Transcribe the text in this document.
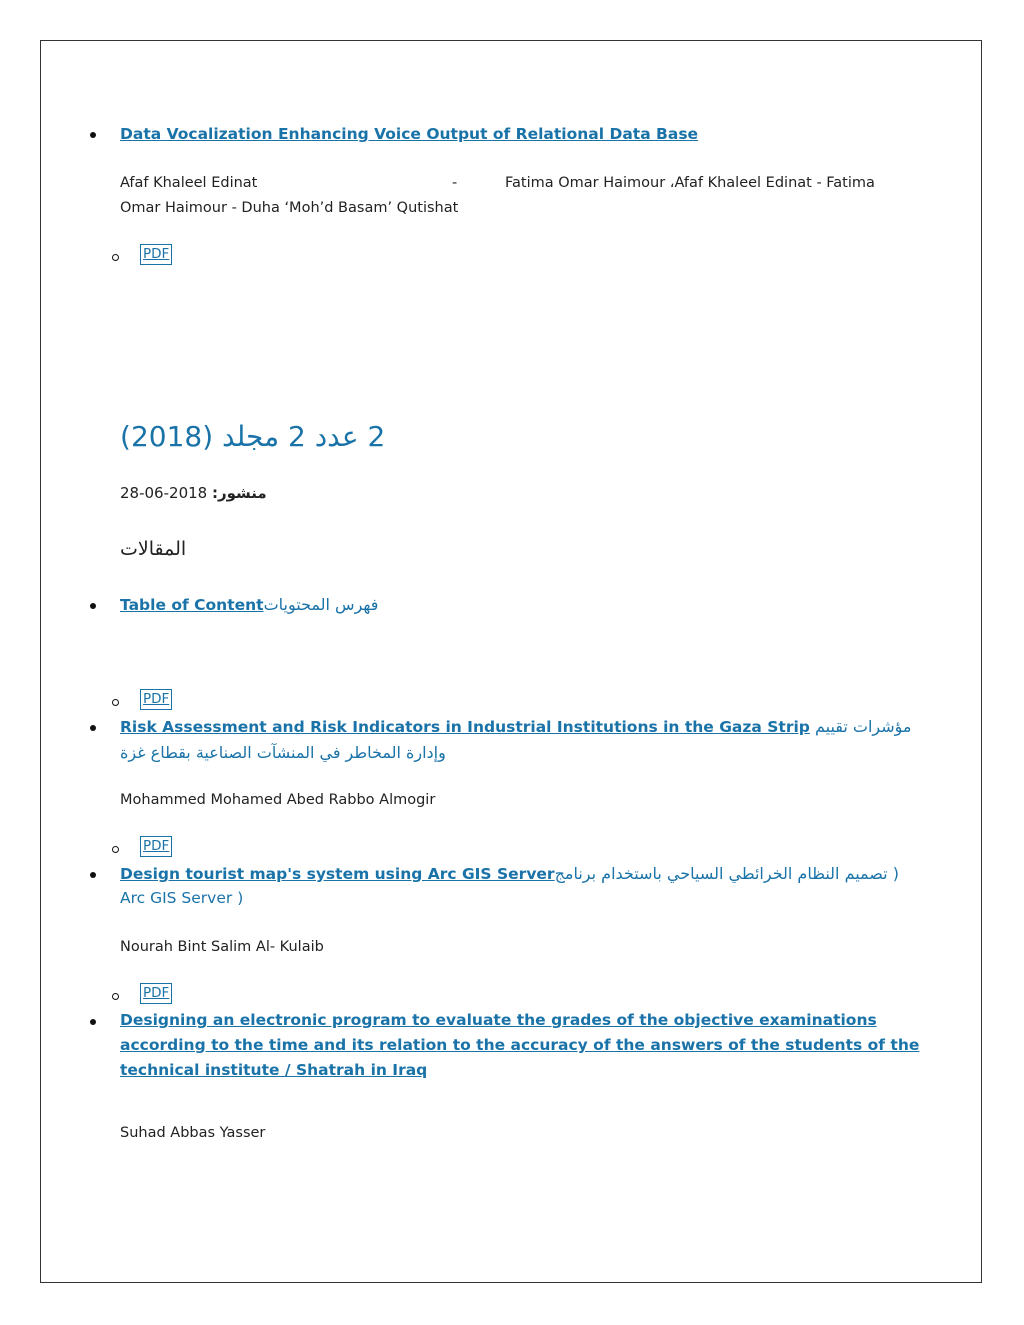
Data Vocalization Enhancing Voice Output of Relational Data Base
Afaf Khaleel Edinat	-	Fatima Omar Haimour ،Afaf Khaleel Edinat - Fatima
Omar Haimour - Duha ‘Moh’d Basam’ Qutishat
PDF
2 عدد 2 مجلد (2018)
منشور: 2018-06-28
المقالات
Table of Contentفهرس المحتويات
PDF
Risk Assessment and Risk Indicators in Industrial Institutions in the Gaza Strip مؤشرات تقييم
وإدارة المخاطر في المنشآت الصناعية بقطاع غزة
Mohammed Mohamed Abed Rabbo Almogir
PDF
Design tourist map's system using Arc GIS Serverتصميم النظام الخرائطي السياحي باستخدام برنامج )
Arc GIS Server )
Nourah Bint Salim Al- Kulaib
PDF
Designing an electronic program to evaluate the grades of the objective examinations
according to the time and its relation to the accuracy of the answers of the students of the
technical institute / Shatrah in Iraq
Suhad Abbas Yasser
